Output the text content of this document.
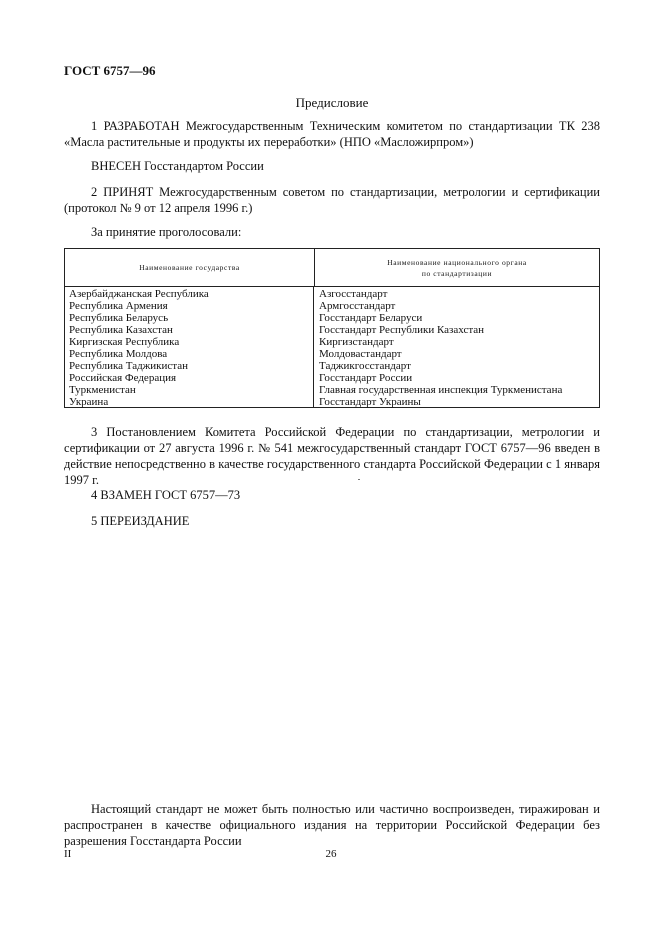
ГОСТ 6757—96
Предисловие
1 РАЗРАБОТАН Межгосударственным Техническим комитетом по стандартизации ТК 238 «Масла растительные и продукты их переработки» (НПО «Масложирпром»)
ВНЕСЕН Госстандартом России
2 ПРИНЯТ Межгосударственным советом по стандартизации, метрологии и сертификации (протокол № 9 от 12 апреля 1996 г.)
За принятие проголосовали:
Наименование государства
Наименование национального органа
по стандартизации
Азербайджанская Республика
Республика Армения
Республика Беларусь
Республика Казахстан
Киргизская Республика
Республика Молдова
Республика Таджикистан
Российская Федерация
Туркменистан
Украина
Азгосстандарт
Армгосстандарт
Госстандарт Беларуси
Госстандарт Республики Казахстан
Киргизстандарт
Молдовастандарт
Таджикгосстандарт
Госстандарт России
Главная государственная инспекция Туркменистана
Госстандарт Украины
3 Постановлением Комитета Российской Федерации по стандартизации, метрологии и сертификации от 27 августа 1996 г. № 541 межгосударственный стандарт ГОСТ 6757—96 введен в действие непосредственно в качестве государственного стандарта Российской Федерации с 1 января 1997 г.
4 ВЗАМЕН ГОСТ 6757—73
5 ПЕРЕИЗДАНИЕ
Настоящий стандарт не может быть полностью или частично воспроизведен, тиражирован и распространен в качестве официального издания на территории Российской Федерации без разрешения Госстандарта России
II	26
